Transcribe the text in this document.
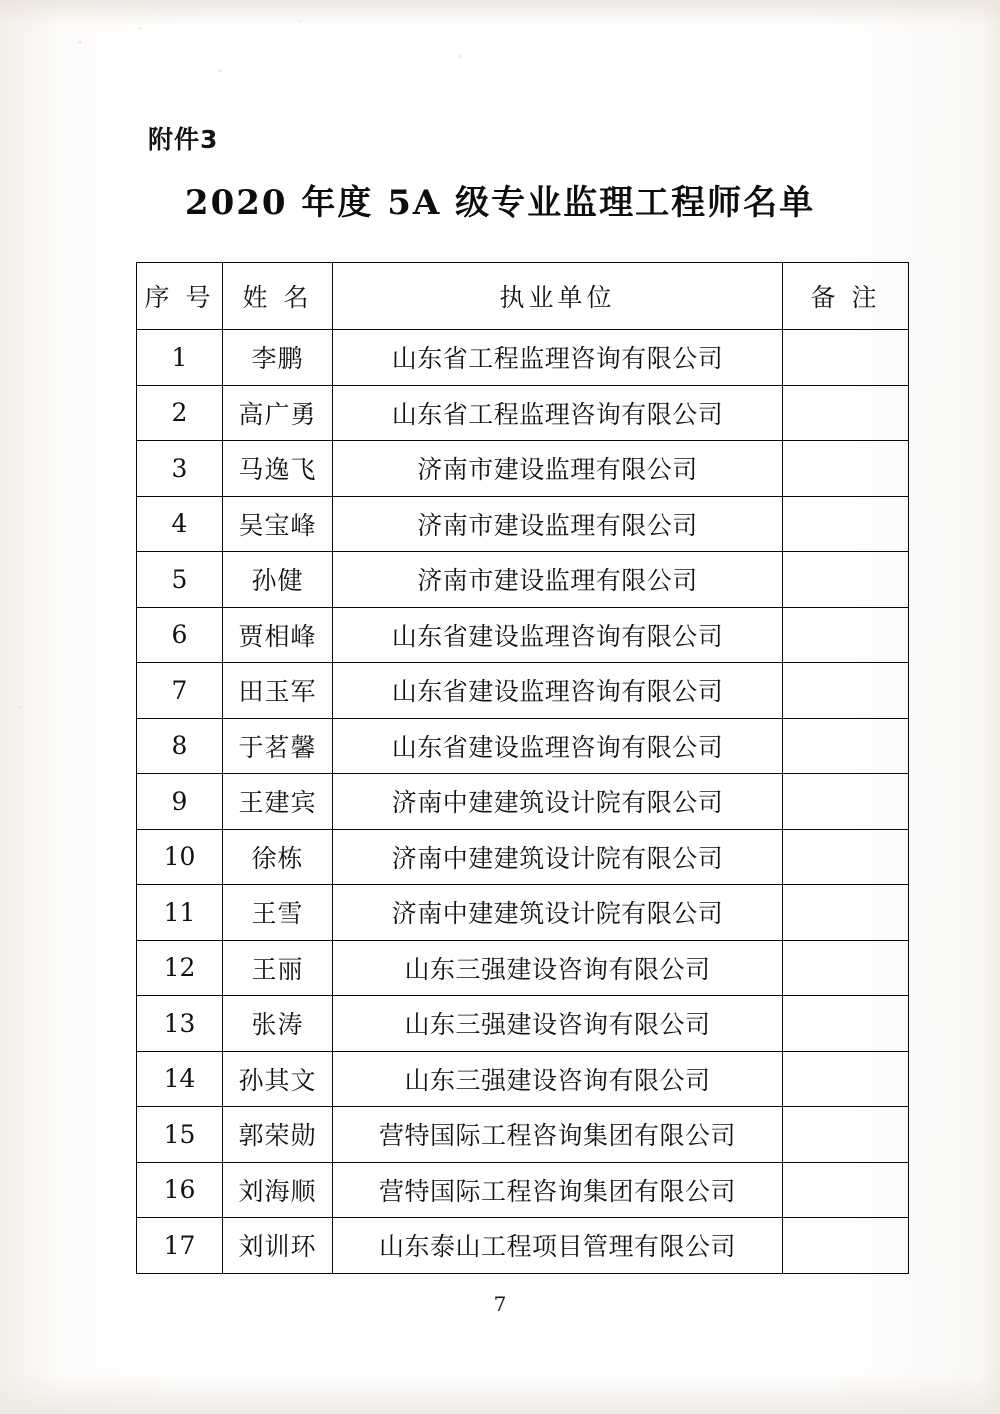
附件3
2020 年度 5A 级专业监理工程师名单
序 号	姓 名	执业单位	备 注
1	李鹏	山东省工程监理咨询有限公司	
2	高广勇	山东省工程监理咨询有限公司	
3	马逸飞	济南市建设监理有限公司	
4	吴宝峰	济南市建设监理有限公司	
5	孙健	济南市建设监理有限公司	
6	贾相峰	山东省建设监理咨询有限公司	
7	田玉军	山东省建设监理咨询有限公司	
8	于茗馨	山东省建设监理咨询有限公司	
9	王建宾	济南中建建筑设计院有限公司	
10	徐栋	济南中建建筑设计院有限公司	
11	王雪	济南中建建筑设计院有限公司	
12	王丽	山东三强建设咨询有限公司	
13	张涛	山东三强建设咨询有限公司	
14	孙其文	山东三强建设咨询有限公司	
15	郭荣勋	营特国际工程咨询集团有限公司	
16	刘海顺	营特国际工程咨询集团有限公司	
17	刘训环	山东泰山工程项目管理有限公司	
7
